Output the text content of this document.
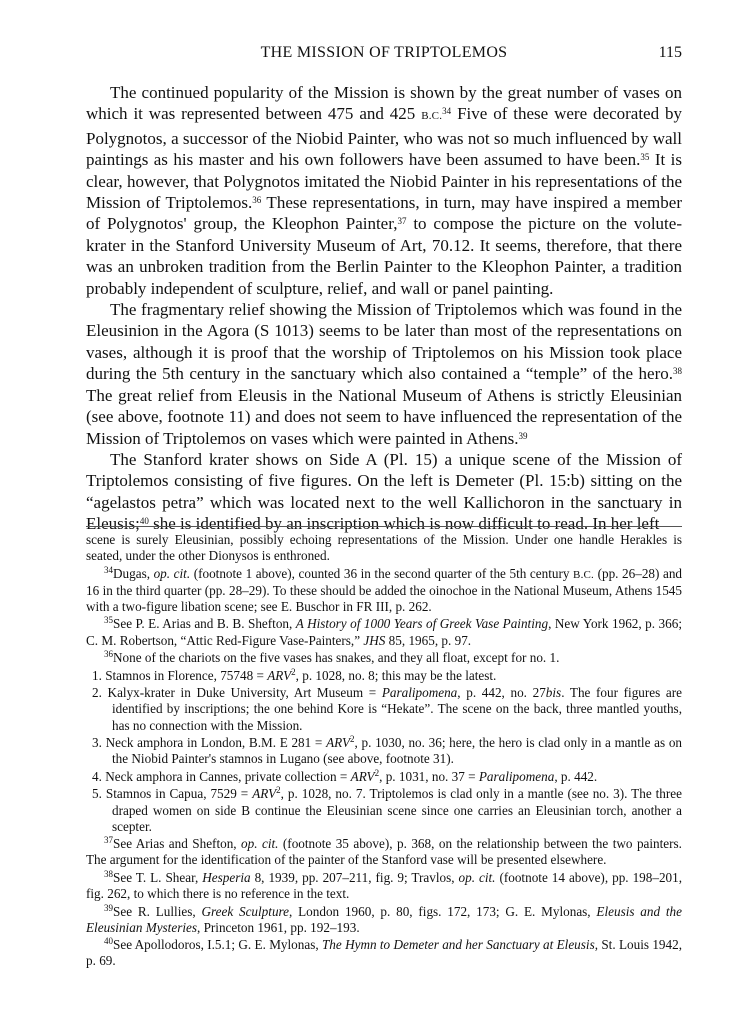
THE MISSION OF TRIPTOLEMOS	115

The continued popularity of the Mission is shown by the great number of vases on which it was represented between 475 and 425 B.C.$^{34}$ Five of these were decorated by Polygnotos, a successor of the Niobid Painter, who was not so much influenced by wall paintings as his master and his own followers have been assumed to have been.$^{35}$ It is clear, however, that Polygnotos imitated the Niobid Painter in his representations of the Mission of Triptolemos.$^{36}$ These representations, in turn, may have inspired a member of Polygnotos' group, the Kleophon Painter,$^{37}$ to compose the picture on the volute-krater in the Stanford University Museum of Art, 70.12. It seems, therefore, that there was an unbroken tradition from the Berlin Painter to the Kleophon Painter, a tradition probably independent of sculpture, relief, and wall or panel painting.

The fragmentary relief showing the Mission of Triptolemos which was found in the Eleusinion in the Agora (S 1013) seems to be later than most of the representations on vases, although it is proof that the worship of Triptolemos on his Mission took place during the 5th century in the sanctuary which also contained a “temple” of the hero.$^{38}$ The great relief from Eleusis in the National Museum of Athens is strictly Eleusinian (see above, footnote 11) and does not seem to have influenced the representation of the Mission of Triptolemos on vases which were painted in Athens.$^{39}$

The Stanford krater shows on Side A (Pl. 15) a unique scene of the Mission of Triptolemos consisting of five figures. On the left is Demeter (Pl. 15:b) sitting on the “agelastos petra” which was located next to the well Kallichoron in the sanctuary in Eleusis;$^{40}$ she is identified by an inscription which is now difficult to read. In her left

scene is surely Eleusinian, possibly echoing representations of the Mission. Under one handle Herakles is seated, under the other Dionysos is enthroned.

$^{34}$Dugas, op. cit. (footnote 1 above), counted 36 in the second quarter of the 5th century B.C. (pp. 26–28) and 16 in the third quarter (pp. 28–29). To these should be added the oinochoe in the National Museum, Athens 1545 with a two-figure libation scene; see E. Buschor in FR III, p. 262.

$^{35}$See P. E. Arias and B. B. Shefton, A History of 1000 Years of Greek Vase Painting, New York 1962, p. 366; C. M. Robertson, “Attic Red-Figure Vase-Painters,” JHS 85, 1965, p. 97.

$^{36}$None of the chariots on the five vases has snakes, and they all float, except for no. 1.

1. Stamnos in Florence, $75748 = ARV^2$, p. 1028, no. 8; this may be the latest.

2. Kalyx-krater in Duke University, Art Museum = Paralipomena, p. 442, no. 27bis. The four figures are identified by inscriptions; the one behind Kore is “Hekate”. The scene on the back, three mantled youths, has no connection with the Mission.

3. Neck amphora in London, B.M. E $281 = ARV^2$, p. 1030, no. 36; here, the hero is clad only in a mantle as on the Niobid Painter's stamnos in Lugano (see above, footnote 31).

4. Neck amphora in Cannes, private collection = $ARV^2$, p. 1031, no. 37 = Paralipomena, p. 442.

5. Stamnos in Capua, $7529 = ARV^2$, p. 1028, no. 7. Triptolemos is clad only in a mantle (see no. 3). The three draped women on side B continue the Eleusinian scene since one carries an Eleusinian torch, another a scepter.

$^{37}$See Arias and Shefton, op. cit. (footnote 35 above), p. 368, on the relationship between the two painters. The argument for the identification of the painter of the Stanford vase will be presented elsewhere.

$^{38}$See T. L. Shear, Hesperia 8, 1939, pp. 207–211, fig. 9; Travlos, op. cit. (footnote 14 above), pp. 198–201, fig. 262, to which there is no reference in the text.

$^{39}$See R. Lullies, Greek Sculpture, London 1960, p. 80, figs. 172, 173; G. E. Mylonas, Eleusis and the Eleusinian Mysteries, Princeton 1961, pp. 192–193.

$^{40}$See Apollodoros, I.5.1; G. E. Mylonas, The Hymn to Demeter and her Sanctuary at Eleusis, St. Louis 1942, p. 69.
